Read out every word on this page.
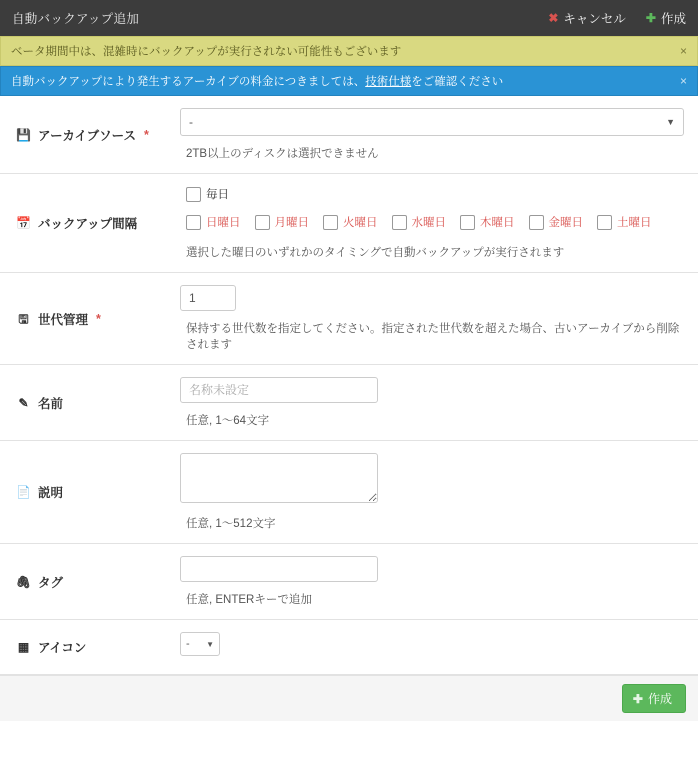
自動バックアップ追加	✖ キャンセル ✚ 作成
ベータ期間中は、混雑時にバックアップが実行されない可能性もございます	×
自動バックアップにより発生するアーカイブの料金につきましては、技術仕様をご確認ください	×
💾 アーカイブソース *
-	▼
2TB以上のディスクは選択できません
📅 バックアップ間隔
毎日
日曜日	月曜日	火曜日	水曜日	木曜日	金曜日	土曜日
選択した曜日のいずれかのタイミングで自動バックアップが実行されます
🖫 世代管理 *
1
保持する世代数を指定してください。指定された世代数を超えた場合、古いアーカイブから削除されます
✎ 名前
名称未設定
任意, 1〜64文字
📄 説明
任意, 1〜512文字
🖇 タグ
任意, ENTERキーで追加
▦ アイコン	- ▼
✚ 作成
